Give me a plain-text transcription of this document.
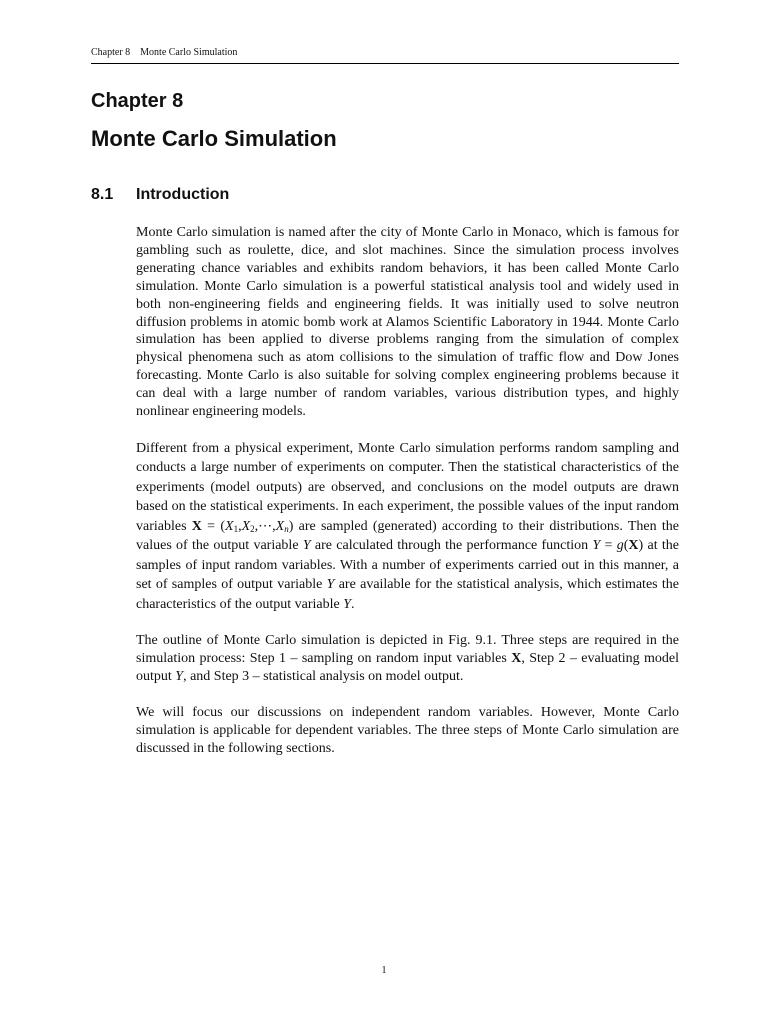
Chapter 8 Monte Carlo Simulation
Chapter 8
Monte Carlo Simulation
8.1 Introduction

Monte Carlo simulation is named after the city of Monte Carlo in Monaco, which is famous for gambling such as roulette, dice, and slot machines. Since the simulation process involves generating chance variables and exhibits random behaviors, it has been called Monte Carlo simulation. Monte Carlo simulation is a powerful statistical analysis tool and widely used in both non-engineering fields and engineering fields. It was initially used to solve neutron diffusion problems in atomic bomb work at Alamos Scientific Laboratory in 1944. Monte Carlo simulation has been applied to diverse problems ranging from the simulation of complex physical phenomena such as atom collisions to the simulation of traffic flow and Dow Jones forecasting. Monte Carlo is also suitable for solving complex engineering problems because it can deal with a large number of random variables, various distribution types, and highly nonlinear engineering models.

Different from a physical experiment, Monte Carlo simulation performs random sampling and conducts a large number of experiments on computer. Then the statistical characteristics of the experiments (model outputs) are observed, and conclusions on the model outputs are drawn based on the statistical experiments. In each experiment, the possible values of the input random variables $X = (X_1,X_2,\cdots,X_n)$ are sampled (generated) according to their distributions. Then the values of the output variable Y are calculated through the performance function Y = g(X) at the samples of input random variables. With a number of experiments carried out in this manner, a set of samples of output variable Y are available for the statistical analysis, which estimates the characteristics of the output variable Y.

The outline of Monte Carlo simulation is depicted in Fig. 9.1. Three steps are required in the simulation process: Step 1 – sampling on random input variables X, Step 2 – evaluating model output Y, and Step 3 – statistical analysis on model output.

We will focus our discussions on independent random variables. However, Monte Carlo simulation is applicable for dependent variables. The three steps of Monte Carlo simulation are discussed in the following sections.

1
